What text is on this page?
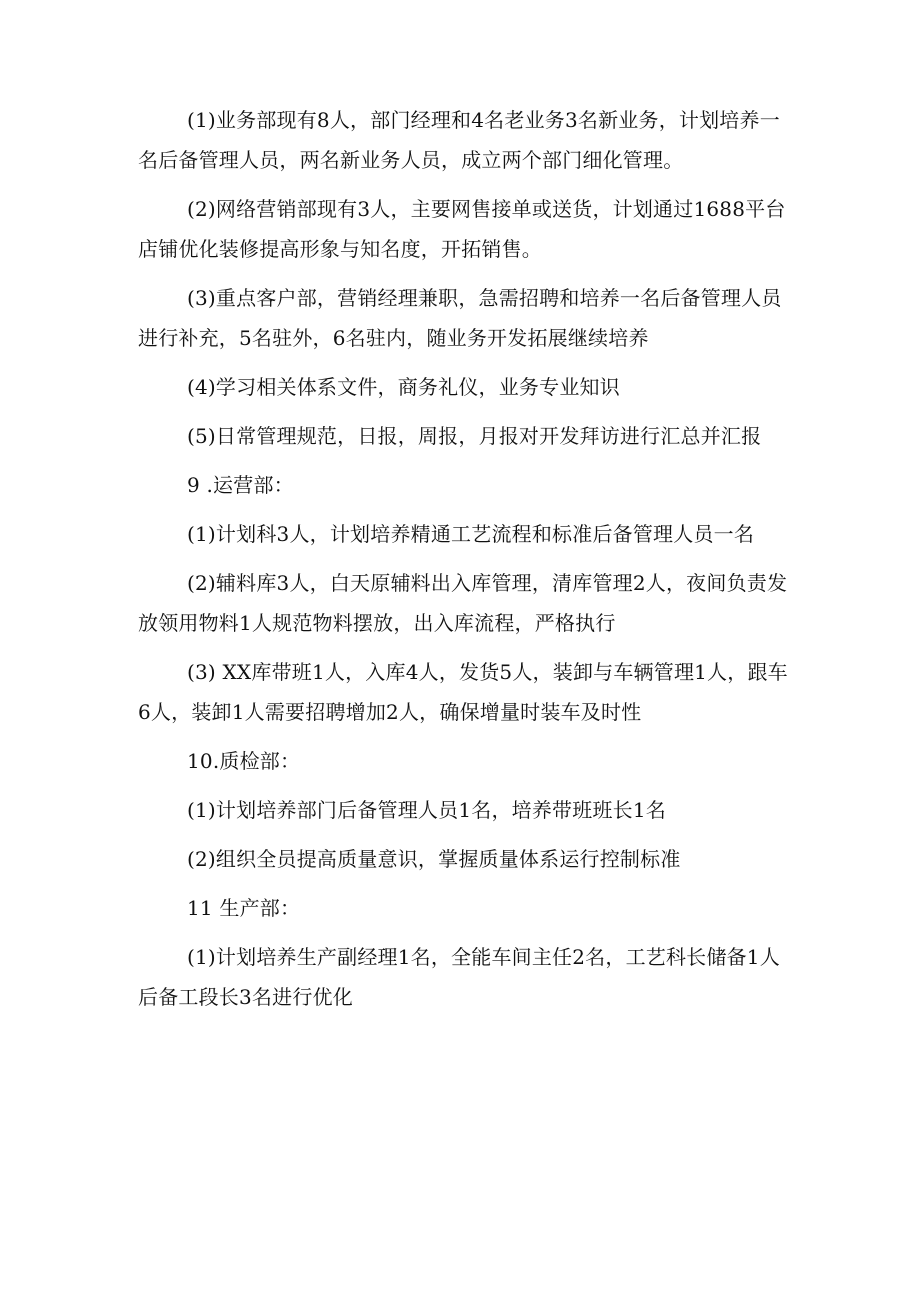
(1)业务部现有8人，部门经理和4名老业务3名新业务，计划培养一名后备管理人员，两名新业务人员，成立两个部门细化管理。

(2)网络营销部现有3人，主要网售接单或送货，计划通过1688平台店铺优化装修提高形象与知名度，开拓销售。

(3)重点客户部，营销经理兼职，急需招聘和培养一名后备管理人员进行补充，5名驻外，6名驻内，随业务开发拓展继续培养

(4)学习相关体系文件，商务礼仪，业务专业知识

(5)日常管理规范，日报，周报，月报对开发拜访进行汇总并汇报

9 .运营部：

(1)计划科3人，计划培养精通工艺流程和标准后备管理人员一名

(2)辅料库3人，白天原辅料出入库管理，清库管理2人，夜间负责发放领用物料1人规范物料摆放，出入库流程，严格执行

(3) XX库带班1人，入库4人，发货5人，装卸与车辆管理1人，跟车6人，装卸1人需要招聘增加2人，确保增量时装车及时性

10.质检部：

(1)计划培养部门后备管理人员1名，培养带班班长1名

(2)组织全员提高质量意识，掌握质量体系运行控制标准

11 生产部：

(1)计划培养生产副经理1名，全能车间主任2名，工艺科长储备1人后备工段长3名进行优化
